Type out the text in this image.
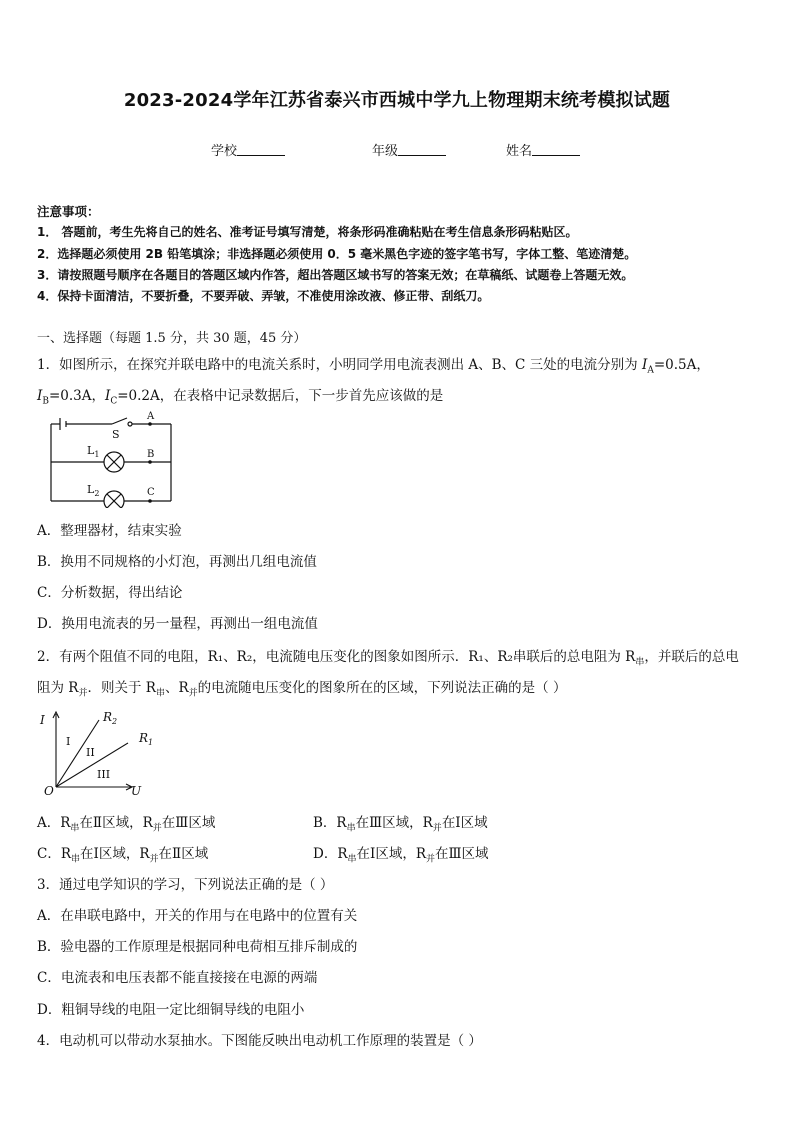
2023-2024学年江苏省泰兴市西城中学九上物理期末统考模拟试题
学校	年级	姓名
注意事项：
1． 答题前，考生先将自己的姓名、准考证号填写清楚，将条形码准确粘贴在考生信息条形码粘贴区。
2．选择题必须使用 2B 铅笔填涂；非选择题必须使用 0．5 毫米黑色字迹的签字笔书写，字体工整、笔迹清楚。
3．请按照题号顺序在各题目的答题区域内作答，超出答题区域书写的答案无效；在草稿纸、试题卷上答题无效。
4．保持卡面清洁，不要折叠，不要弄破、弄皱，不准使用涂改液、修正带、刮纸刀。
一、选择题（每题 1.5 分，共 30 题，45 分）
1．如图所示，在探究并联电路中的电流关系时，小明同学用电流表测出 A、B、C 三处的电流分别为 $I_A=0.5A$，
$I_B=0.3A$，$I_C=0.2A$，在表格中记录数据后，下一步首先应该做的是
S
A
B
C
$L_1$
$L_2$
A．整理器材，结束实验
B．换用不同规格的小灯泡，再测出几组电流值
C．分析数据，得出结论
D．换用电流表的另一量程，再测出一组电流值
2．有两个阻值不同的电阻，R₁、R₂，电流随电压变化的图象如图所示．R₁、R₂串联后的总电阻为 $R_串$，并联后的总电
阻为 $R_并$．则关于 $R_串$、$R_并$的电流随电压变化的图象所在的区域，下列说法正确的是（ ）
I
U
O
$R_2$
$R_1$
I
II
III
A．$R_串$在Ⅱ区域，$R_并$在Ⅲ区域	B．$R_串$在Ⅲ区域，$R_并$在Ⅰ区域
C．$R_串$在Ⅰ区域，$R_并$在Ⅱ区域	D．$R_串$在Ⅰ区域，$R_并$在Ⅲ区域
3．通过电学知识的学习，下列说法正确的是（ ）
A．在串联电路中，开关的作用与在电路中的位置有关
B．验电器的工作原理是根据同种电荷相互排斥制成的
C．电流表和电压表都不能直接接在电源的两端
D．粗铜导线的电阻一定比细铜导线的电阻小
4．电动机可以带动水泵抽水。下图能反映出电动机工作原理的装置是（ ）
